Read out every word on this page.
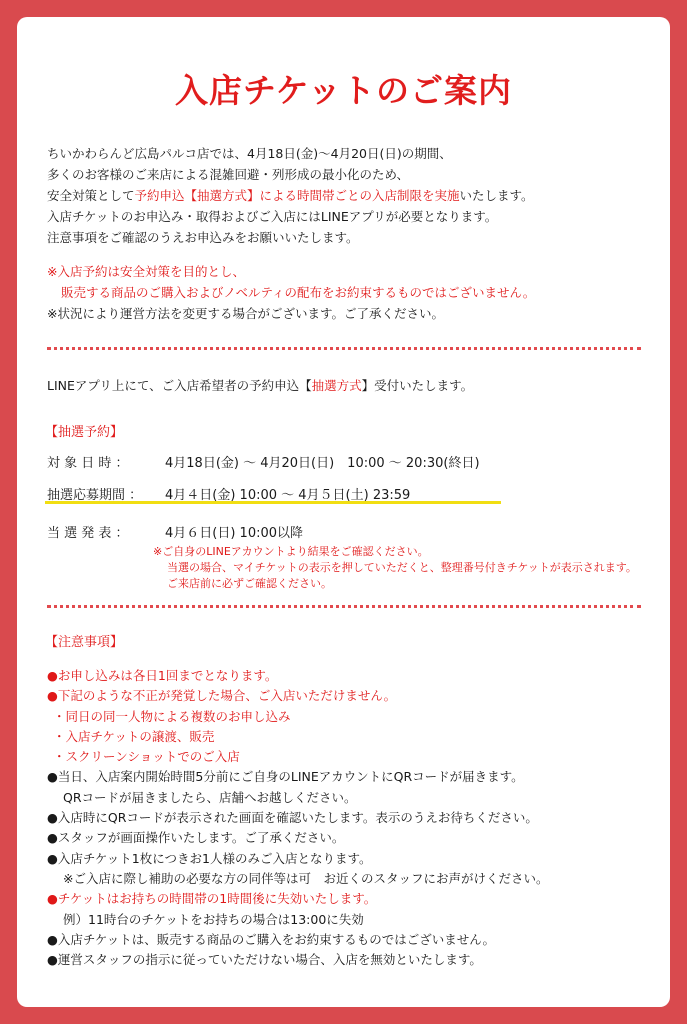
入店チケットのご案内
ちいかわらんど広島パルコ店では、4月18日(金)～4月20日(日)の期間、
多くのお客様のご来店による混雑回避・列形成の最小化のため、
安全対策として予約申込【抽選方式】による時間帯ごとの入店制限を実施いたします。
入店チケットのお申込み・取得およびご入店にはLINEアプリが必要となります。
注意事項をご確認のうえお申込みをお願いいたします。
※入店予約は安全対策を目的とし、
販売する商品のご購入およびノベルティの配布をお約束するものではございません。
※状況により運営方法を変更する場合がございます。ご了承ください。
LINEアプリ上にて、ご入店希望者の予約申込【抽選方式】受付いたします。
【抽選予約】
対 象 日 時 ：	4月18日(金) ～ 4月20日(日)　10:00 ～ 20:30(終日)
抽選応募期間 ： 4月４日(金) 10:00 ～ 4月５日(土) 23:59
当 選 発 表 ：	4月６日(日) 10:00以降
※ご自身のLINEアカウントより結果をご確認ください。
当選の場合、マイチケットの表示を押していただくと、整理番号付きチケットが表示されます。
ご来店前に必ずご確認ください。
【注意事項】
●お申し込みは各日1回までとなります。
●下記のような不正が発覚した場合、ご入店いただけません。
・同日の同一人物による複数のお申し込み
・入店チケットの譲渡、販売
・スクリーンショットでのご入店
●当日、入店案内開始時間5分前にご自身のLINEアカウントにQRコードが届きます。
QRコードが届きましたら、店舗へお越しください。
●入店時にQRコードが表示された画面を確認いたします。表示のうえお待ちください。
●スタッフが画面操作いたします。ご了承ください。
●入店チケット1枚につきお1人様のみご入店となります。
※ご入店に際し補助の必要な方の同伴等は可　お近くのスタッフにお声がけください。
●チケットはお持ちの時間帯の1時間後に失効いたします。
例）11時台のチケットをお持ちの場合は13:00に失効
●入店チケットは、販売する商品のご購入をお約束するものではございません。
●運営スタッフの指示に従っていただけない場合、入店を無効といたします。
